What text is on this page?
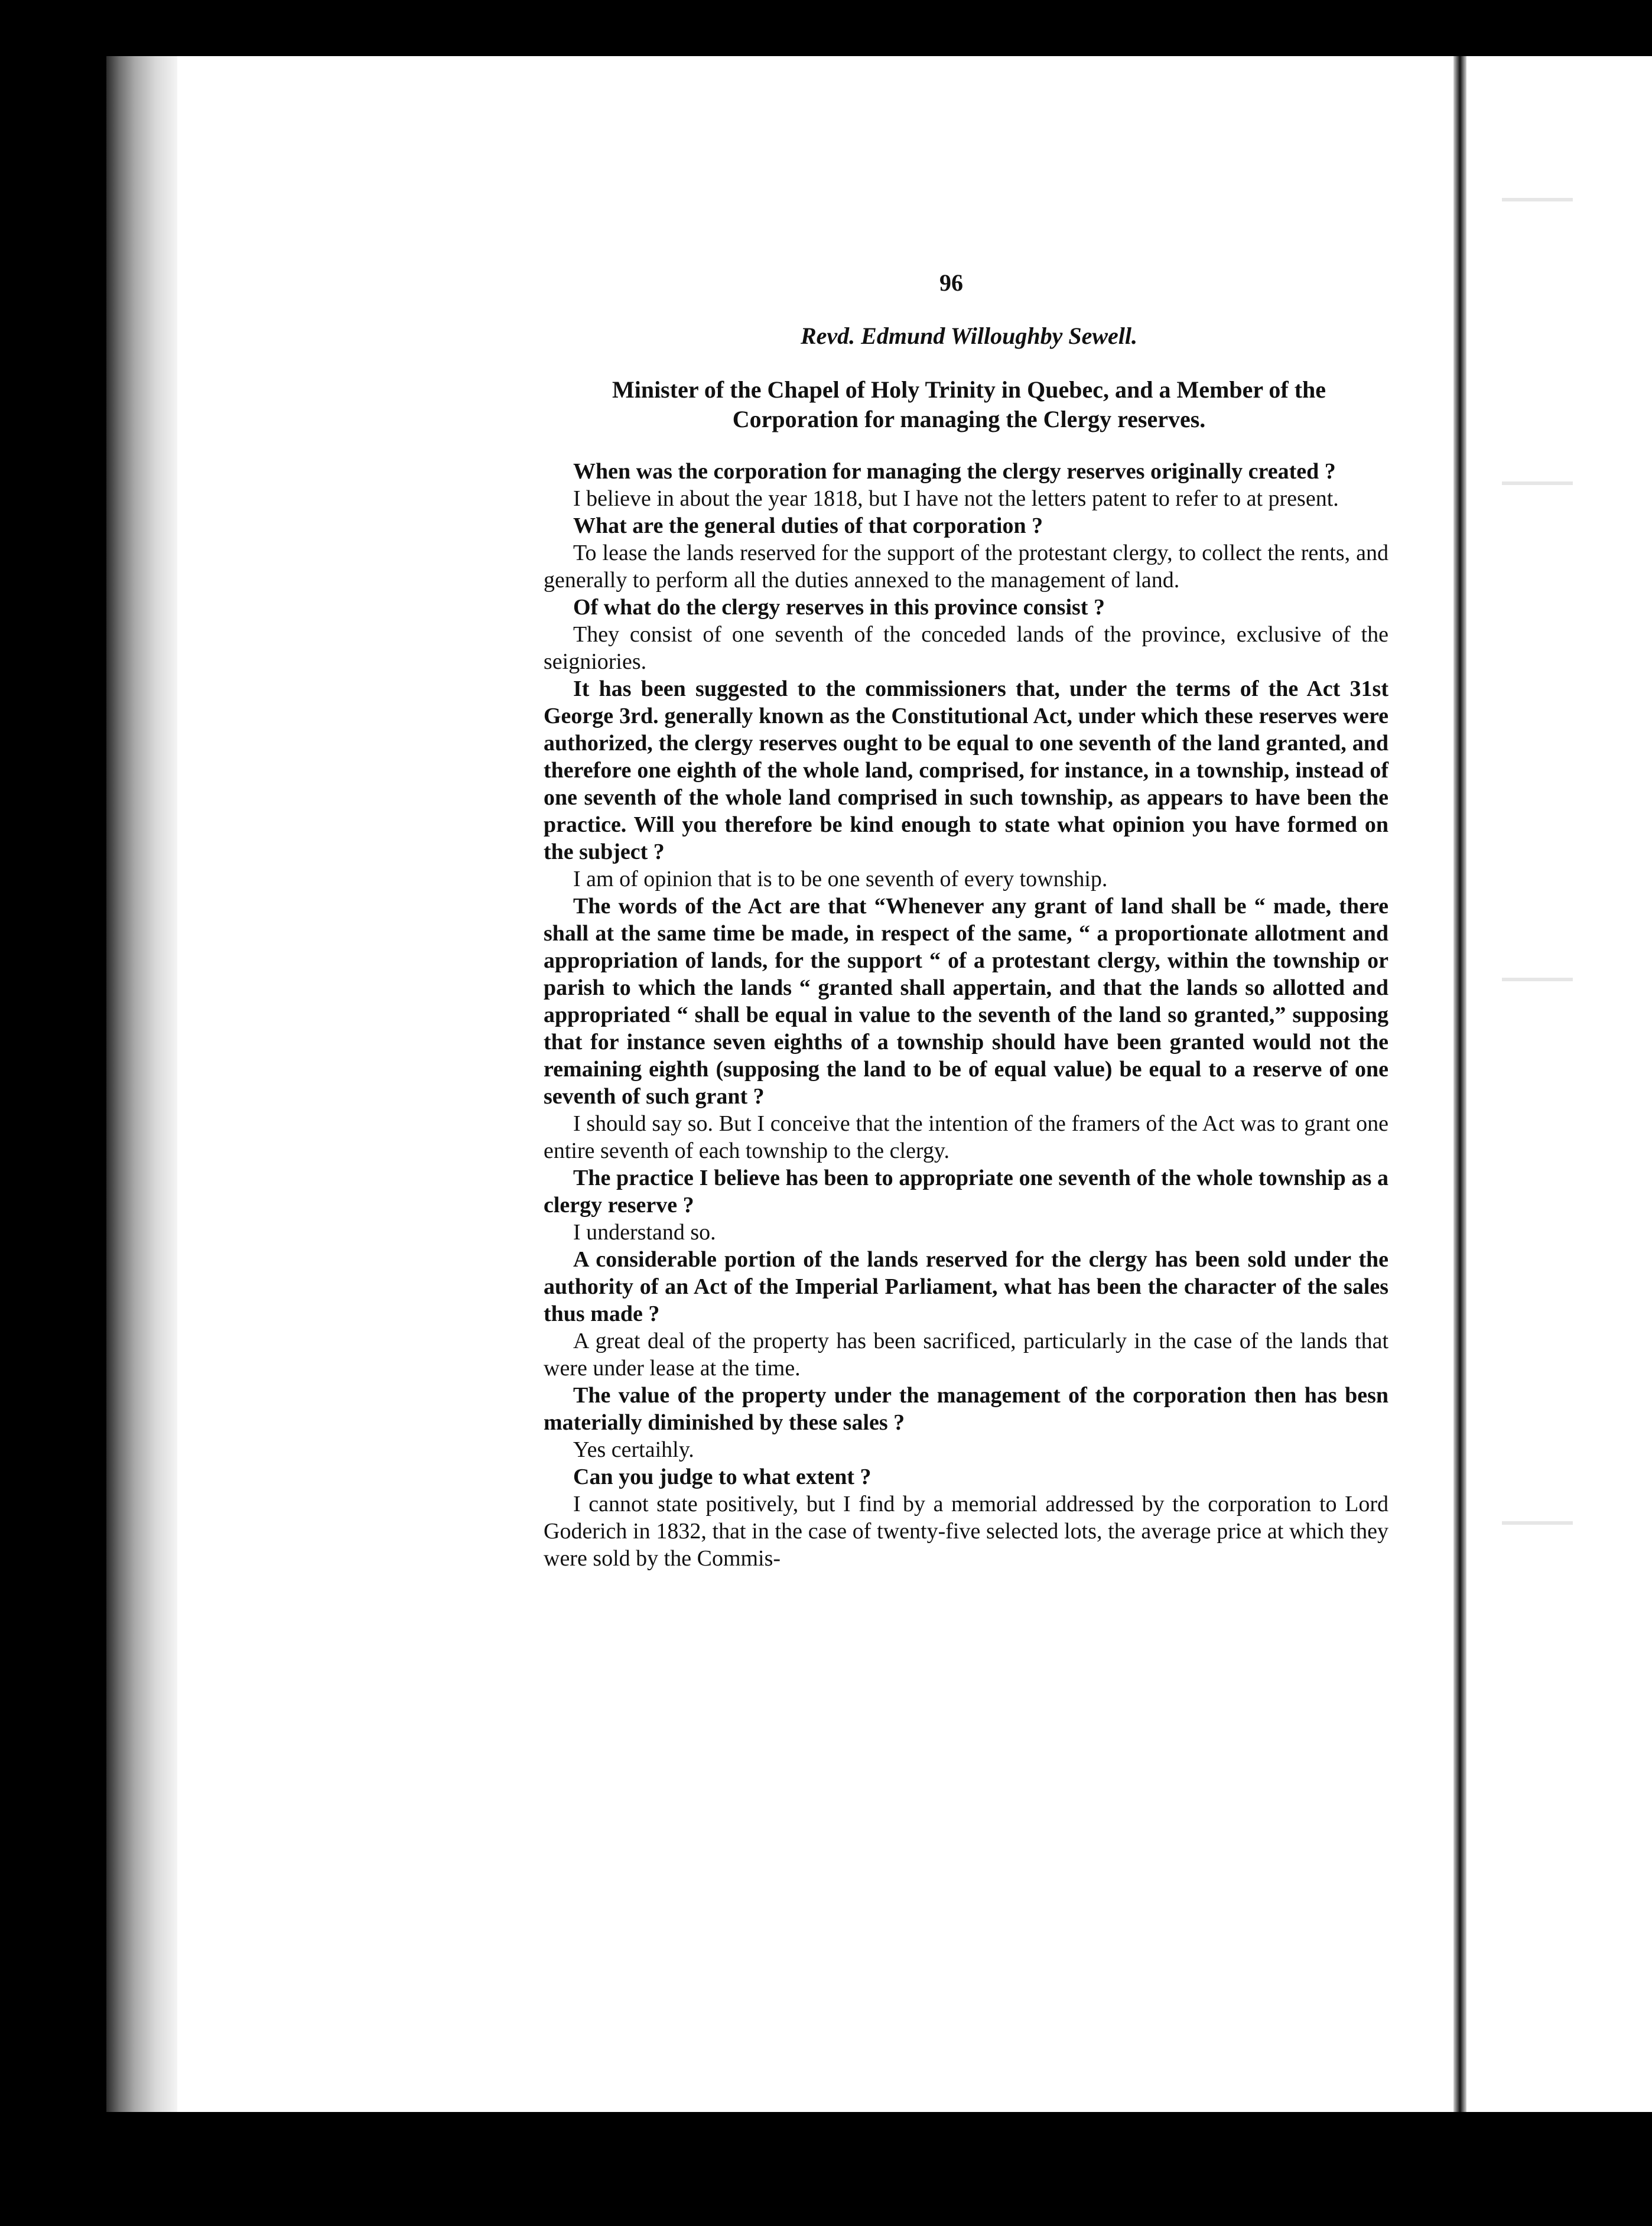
96
Revd. Edmund Willoughby Sewell.
Minister of the Chapel of Holy Trinity in Quebec, and a Member of the
Corporation for managing the Clergy reserves.

When was the corporation for managing the clergy reserves originally created ?

I believe in about the year 1818, but I have not the letters patent to refer to at present.

What are the general duties of that corporation ?

To lease the lands reserved for the support of the protestant clergy, to collect the rents, and generally to perform all the duties annexed to the management of land.

Of what do the clergy reserves in this province consist ?

They consist of one seventh of the conceded lands of the province, exclusive of the seigniories.

It has been suggested to the commissioners that, under the terms of the Act 31st George 3rd. generally known as the Constitutional Act, under which these reserves were authorized, the clergy reserves ought to be equal to one seventh of the land granted, and therefore one eighth of the whole land, comprised, for instance, in a township, instead of one seventh of the whole land comprised in such township, as appears to have been the practice. Will you therefore be kind enough to state what opinion you have formed on the subject ?

I am of opinion that is to be one seventh of every township.

The words of the Act are that “Whenever any grant of land shall be “ made, there shall at the same time be made, in respect of the same, “ a proportionate allotment and appropriation of lands, for the support “ of a protestant clergy, within the township or parish to which the lands “ granted shall appertain, and that the lands so allotted and appropriated “ shall be equal in value to the seventh of the land so granted,” supposing that for instance seven eighths of a township should have been granted would not the remaining eighth (supposing the land to be of equal value) be equal to a reserve of one seventh of such grant ?

I should say so. But I conceive that the intention of the framers of the Act was to grant one entire seventh of each township to the clergy.

The practice I believe has been to appropriate one seventh of the whole township as a clergy reserve ?

I understand so.

A considerable portion of the lands reserved for the clergy has been sold under the authority of an Act of the Imperial Parliament, what has been the character of the sales thus made ?

A great deal of the property has been sacrificed, particularly in the case of the lands that were under lease at the time.

The value of the property under the management of the corporation then has besn materially diminished by these sales ?

Yes certaihly.

Can you judge to what extent ?

I cannot state positively, but I find by a memorial addressed by the corporation to Lord Goderich in 1832, that in the case of twenty-five selected lots, the average price at which they were sold by the Commis-
